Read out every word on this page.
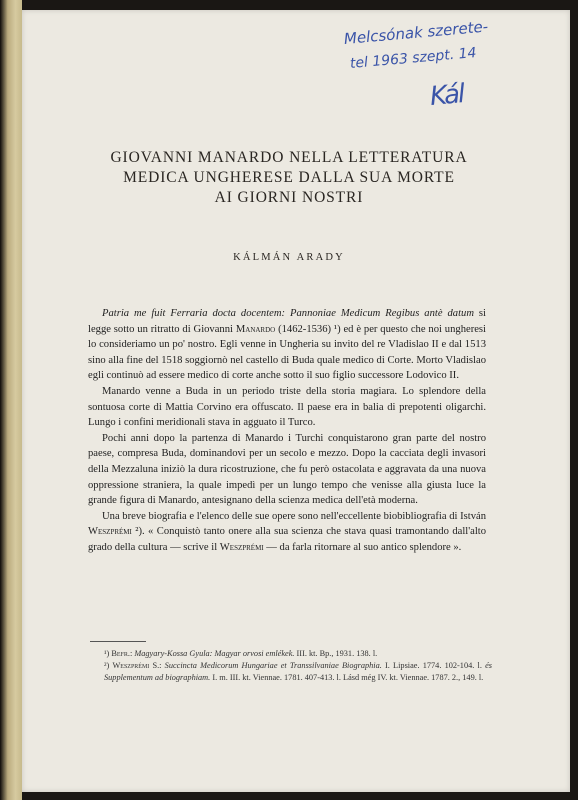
Melcsónak szerete-
tel 1963 szept. 14
Kál
GIOVANNI MANARDO NELLA LETTERATURA
MEDICA UNGHERESE DALLA SUA MORTE
AI GIORNI NOSTRI
KÁLMÁN ARADY

Patria me fuit Ferraria docta docentem: Pannoniae Medicum Regibus antè datum si legge sotto un ritratto di Giovanni Manardo (1462-1536) ¹) ed è per questo che noi ungheresi lo consideriamo un po' nostro. Egli venne in Ungheria su invito del re Vladislao II e dal 1513 sino alla fine del 1518 soggiornò nel castello di Buda quale medico di Corte. Morto Vladislao egli continuò ad essere medico di corte anche sotto il suo figlio successore Lodovico II.

Manardo venne a Buda in un periodo triste della storia magiara. Lo splendore della sontuosa corte di Mattia Corvino era offuscato. Il paese era in balia di prepotenti oligarchi. Lungo i confini meridionali stava in agguato il Turco.

Pochi anni dopo la partenza di Manardo i Turchi conquistarono gran parte del nostro paese, compresa Buda, dominandovi per un secolo e mezzo. Dopo la cacciata degli invasori della Mezzaluna iniziò la dura ricostruzione, che fu però ostacolata e aggravata da una nuova oppressione straniera, la quale impedì per un lungo tempo che venisse alla giusta luce la grande figura di Manardo, antesignano della scienza medica dell'età moderna.

Una breve biografia e l'elenco delle sue opere sono nell'eccellente biobibliografia di István Weszprémi ²). « Conquistò tanto onere alla sua scienza che stava quasi tramontando dall'alto grado della cultura — scrive il Weszprémi — da farla ritornare al suo antico splendore ».

¹) Befr.: Magyary-Kossa Gyula: Magyar orvosi emlékek. III. kt. Bp., 1931. 138. l.

²) Weszprémi S.: Succincta Medicorum Hungariae et Transsilvaniae Biographia. I. Lipsiae. 1774. 102-104. l. és Supplementum ad biographiam. I. m. III. kt. Viennae. 1781. 407-413. l. Lásd még IV. kt. Viennae. 1787. 2., 149. l.
